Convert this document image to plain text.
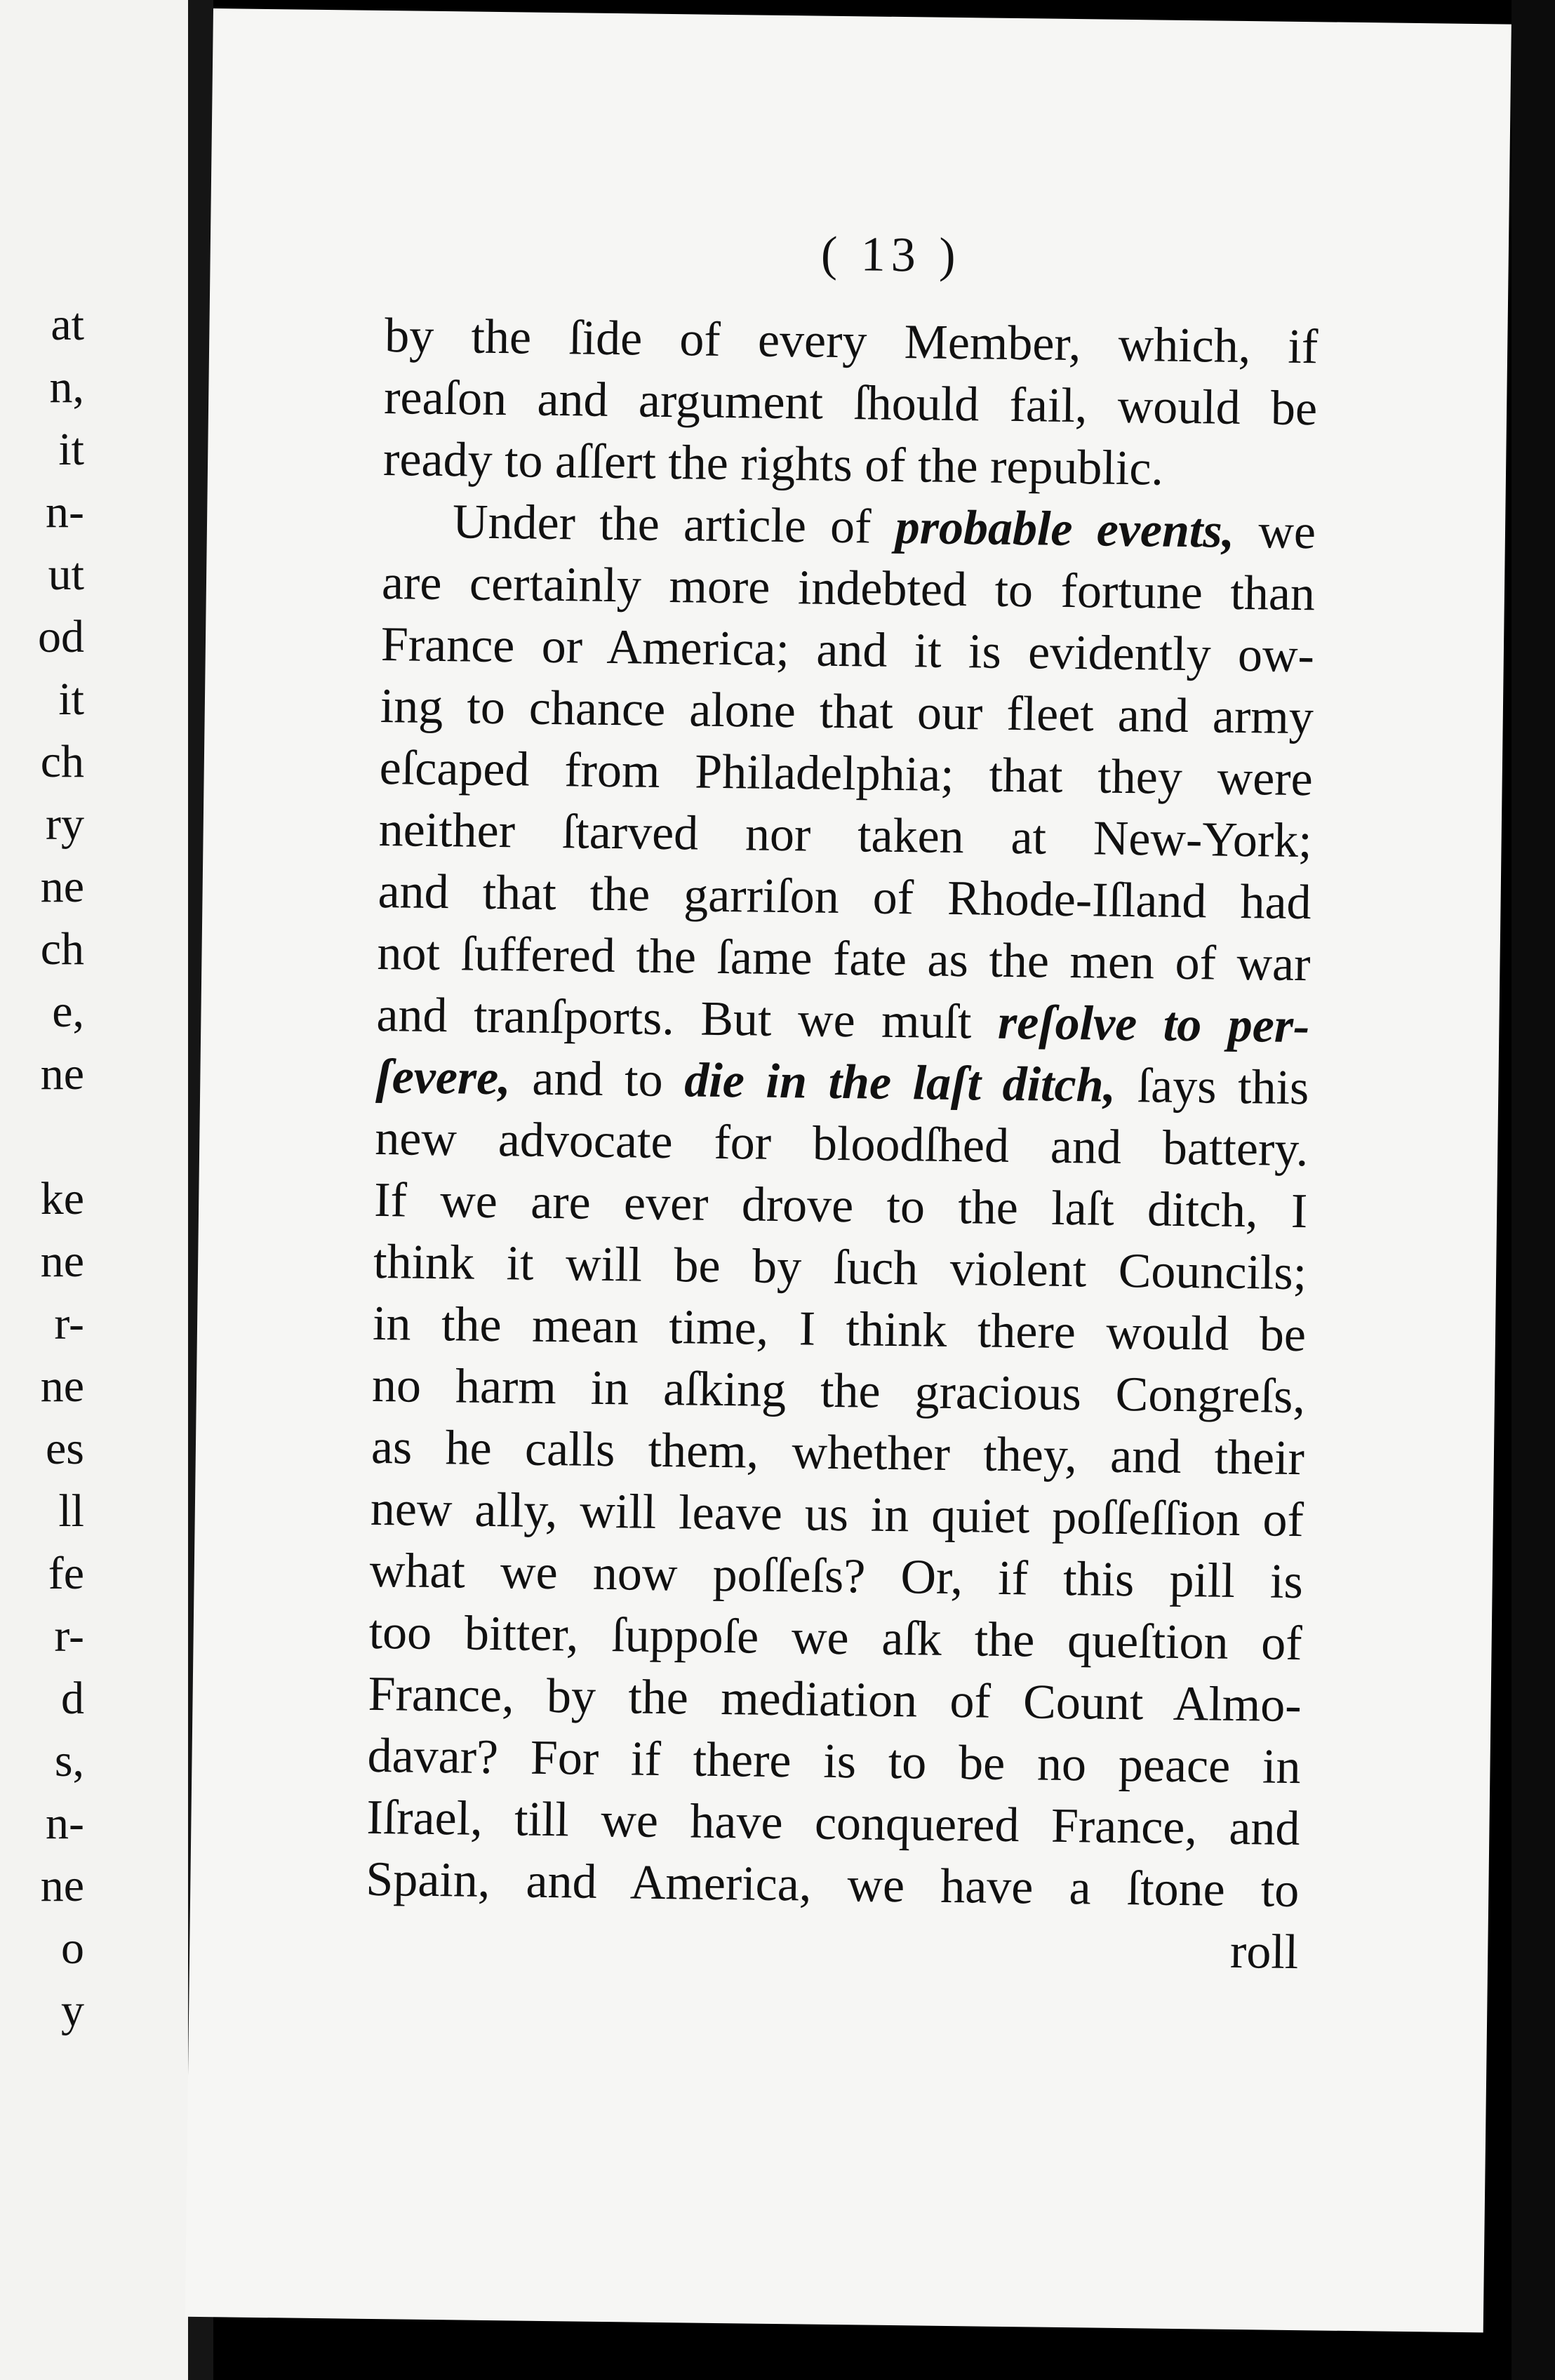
at
n,
it
n-
ut
od
it
ch
ry
ne
ch
e,
ne
ke
ne
r-
ne
es
ll
fe
r-
d
s,
n-
ne
o
y
( 13 )
by the ſide of every Member, which, if
reaſon and argument ſhould fail, would be
ready to aſſert the rights of the republic.
Under the article of probable events, we
are certainly more indebted to fortune than
France or America; and it is evidently ow-
ing to chance alone that our fleet and army
eſcaped from Philadelphia; that they were
neither ſtarved nor taken at New-York;
and that the garriſon of Rhode-Iſland had
not ſuffered the ſame fate as the men of war
and tranſports. But we muſt reſolve to per-
ſevere, and to die in the laſt ditch, ſays this
new advocate for bloodſhed and battery.
If we are ever drove to the laſt ditch, I
think it will be by ſuch violent Councils;
in the mean time, I think there would be
no harm in aſking the gracious Congreſs,
as he calls them, whether they, and their
new ally, will leave us in quiet poſſeſſion of
what we now poſſeſs? Or, if this pill is
too bitter, ſuppoſe we aſk the queſtion of
France, by the mediation of Count Almo-
davar? For if there is to be no peace in
Iſrael, till we have conquered France, and
Spain, and America, we have a ſtone to
roll
